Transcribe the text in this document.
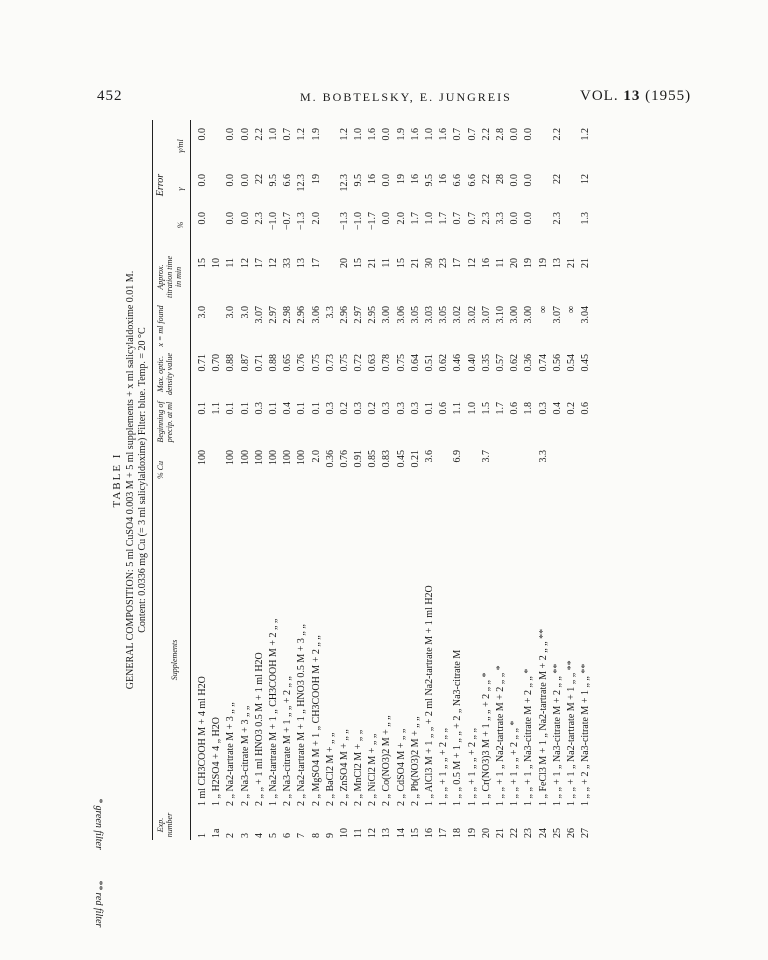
452	M. BOBTELSKY, E. JUNGREIS	VOL. 13 (1955)
TABLE I GENERAL COMPOSITION: 5 ml CuSO4 0.003 M + 5 ml supplements + x ml salicylaldoxime 0.01 M. Content: 0.0336 mg Cu (= 3 ml salicylaldoxime) Filter: blue. Temp. = 20 °C
Exp. number
Supplements
% Cu
Beginning of precip. at ml
Max. optic. density value
x = ml found
Approx. titration time in min
Error
%
γ
γ/ml
1
1 ml CH3COOH M + 4 ml H2O
100
0.1
0.71
3.0
15
0.0
0.0
0.0
1a
1 „ H2SO4 + 4 „ H2O
1.1
0.70
10
2
2 „ Na2-tartrate M + 3 „ „
100
0.1
0.88
3.0
11
0.0
0.0
0.0
3
2 „ Na3-citrate M + 3 „ „
100
0.1
0.87
3.0
12
0.0
0.0
0.0
4
2 „ „ + 1 ml HNO3 0.5 M + 1 ml H2O
100
0.3
0.71
3.07
17
2.3
22
2.2
5
1 „ Na2-tartrate M + 1 „ CH3COOH M + 2 „ „
100
0.1
0.88
2.97
12
−1.0
9.5
1.0
6
2 „ Na3-citrate M + 1 „ „ + 2 „ „
100
0.4
0.65
2.98
33
−0.7
6.6
0.7
7
2 „ Na2-tartrate M + 1 „ HNO3 0.5 M + 3 „ „
100
0.1
0.76
2.96
13
−1.3
12.3
1.2
8
2 „ MgSO4 M + 1 „ CH3COOH M + 2 „ „
2.0
0.1
0.75
3.06
17
2.0
19
1.9
9
2 „ BaCl2 M + „ „
0.36
0.3
0.73
3.3
10
2 „ ZnSO4 M + „ „
0.76
0.2
0.75
2.96
20
−1.3
12.3
1.2
11
2 „ MnCl2 M + „ „
0.91
0.3
0.72
2.97
15
−1.0
9.5
1.0
12
2 „ NiCl2 M + „ „
0.85
0.2
0.63
2.95
21
−1.7
16
1.6
13
2 „ Co(NO3)2 M + „ „
0.83
0.3
0.78
3.00
11
0.0
0.0
0.0
14
2 „ CdSO4 M + „ „
0.45
0.3
0.75
3.06
15
2.0
19
1.9
15
2 „ Pb(NO3)2 M + „ „
0.21
0.3
0.64
3.05
21
1.7
16
1.6
16
1 „ AlCl3 M + 1 „ „ + 2 ml Na2-tartrate M + 1 ml H2O
3.6
0.1
0.51
3.03
30
1.0
9.5
1.0
17
1 „ „ + 1 „ „ + 2 „ „
0.6
0.62
3.05
23
1.7
16
1.6
18
1 „ „ 0.5 M + 1 „ „ + 2 „ Na3-citrate M
6.9
1.1
0.46
3.02
17
0.7
6.6
0.7
19
1 „ „ + 1 „ „ + 2 „ „
1.0
0.40
3.02
12
0.7
6.6
0.7
20
1 „ Cr(NO3)3 M + 1 „ „ + 2 „ „ *
3.7
1.5
0.35
3.07
16
2.3
22
2.2
21
1 „ „ + 1 „ Na2-tartrate M + 2 „ „ *
1.7
0.57
3.10
11
3.3
28
2.8
22
1 „ „ + 1 „ „ + 2 „ „ *
0.6
0.62
3.00
20
0.0
0.0
0.0
23
1 „ „ + 1 „ Na3-citrate M + 2 „ „ *
1.8
0.36
3.00
19
0.0
0.0
0.0
24
1 „ FeCl3 M + 1 „ Na2-tartrate M + 2 „ „ **
3.3
0.3
0.74
∞
19
25
1 „ „ + 1 „ Na3-citrate M + 2 „ „ **
0.4
0.56
3.07
13
2.3
22
2.2
26
1 „ „ + 1 „ Na2-tartrate M + 1 „ „ **
0.2
0.54
∞
21
27
1 „ „ + 2 „ Na3-citrate M + 1 „ „ **
0.6
0.45
3.04
21
1.3
12
1.2
* green filter
** red filter
